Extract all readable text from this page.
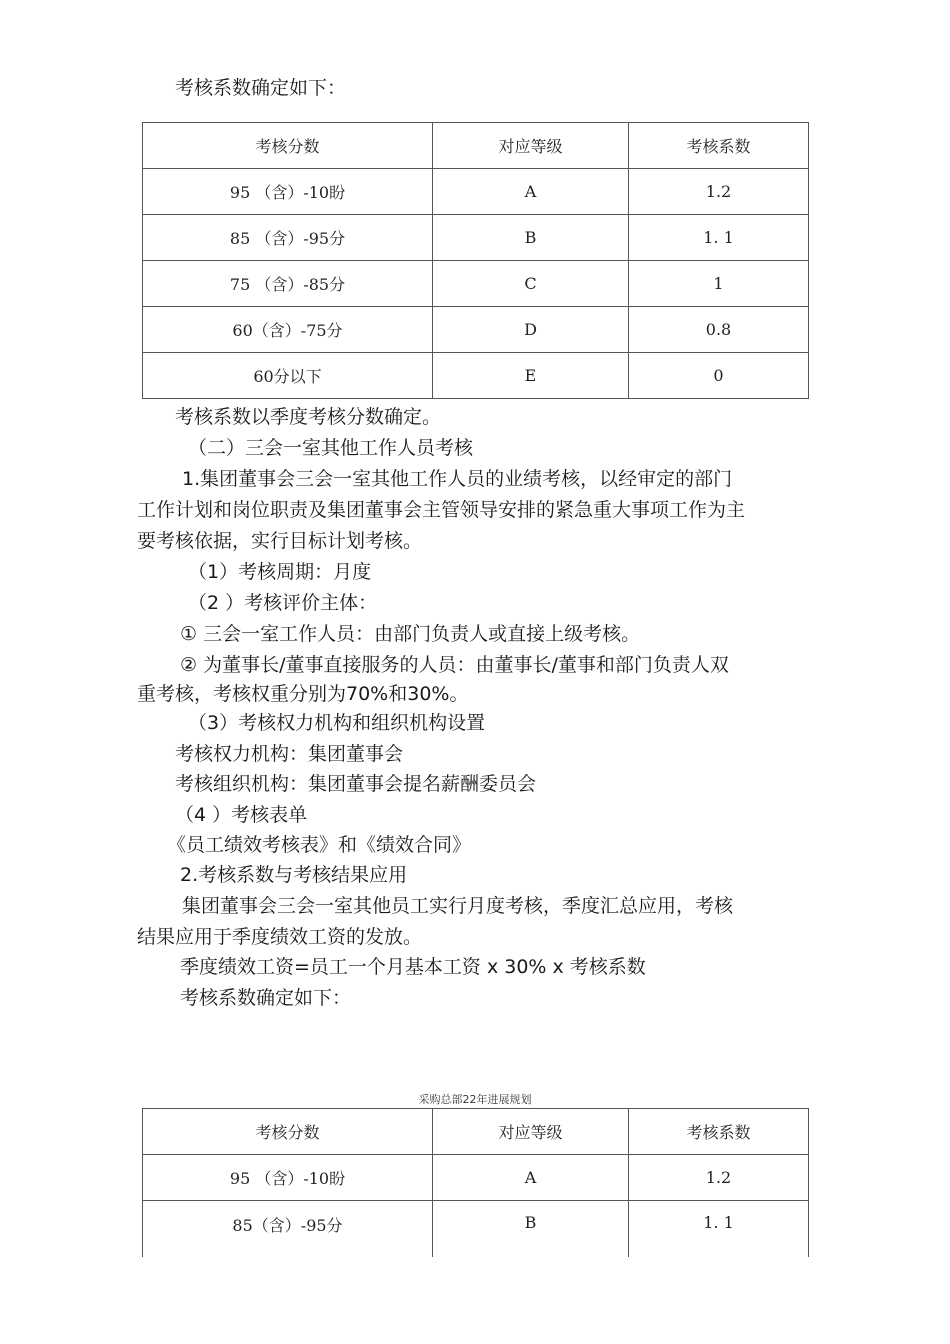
考核系数确定如下：
考核分数	对应等级	考核系数
95 （含）-10盼	A	1.2
85 （含）-95分	B	1. 1
75 （含）-85分	C	1
60（含）-75分	D	0.8
60分以下	E	0
考核系数以季度考核分数确定。
（二）三会一室其他工作人员考核
1.集团董事会三会一室其他工作人员的业绩考核，以经审定的部门
工作计划和岗位职责及集团董事会主管领导安排的紧急重大事项工作为主
要考核依据，实行目标计划考核。
（1）考核周期：月度
（2 ）考核评价主体：
① 三会一室工作人员：由部门负责人或直接上级考核。
② 为董事长/董事直接服务的人员：由董事长/董事和部门负责人双
重考核，考核权重分别为70%和30%。
（3）考核权力机构和组织机构设置
考核权力机构：集团董事会
考核组织机构：集团董事会提名薪酬委员会
（4 ）考核表单
《员工绩效考核表》和《绩效合同》
2.考核系数与考核结果应用
集团董事会三会一室其他员工实行月度考核，季度汇总应用，考核
结果应用于季度绩效工资的发放。
季度绩效工资=员工一个月基本工资 x 30% x 考核系数
考核系数确定如下：
采购总部22年进展规划
考核分数	对应等级	考核系数
95 （含）-10盼	A	1.2
85（含）-95分	B	1. 1
